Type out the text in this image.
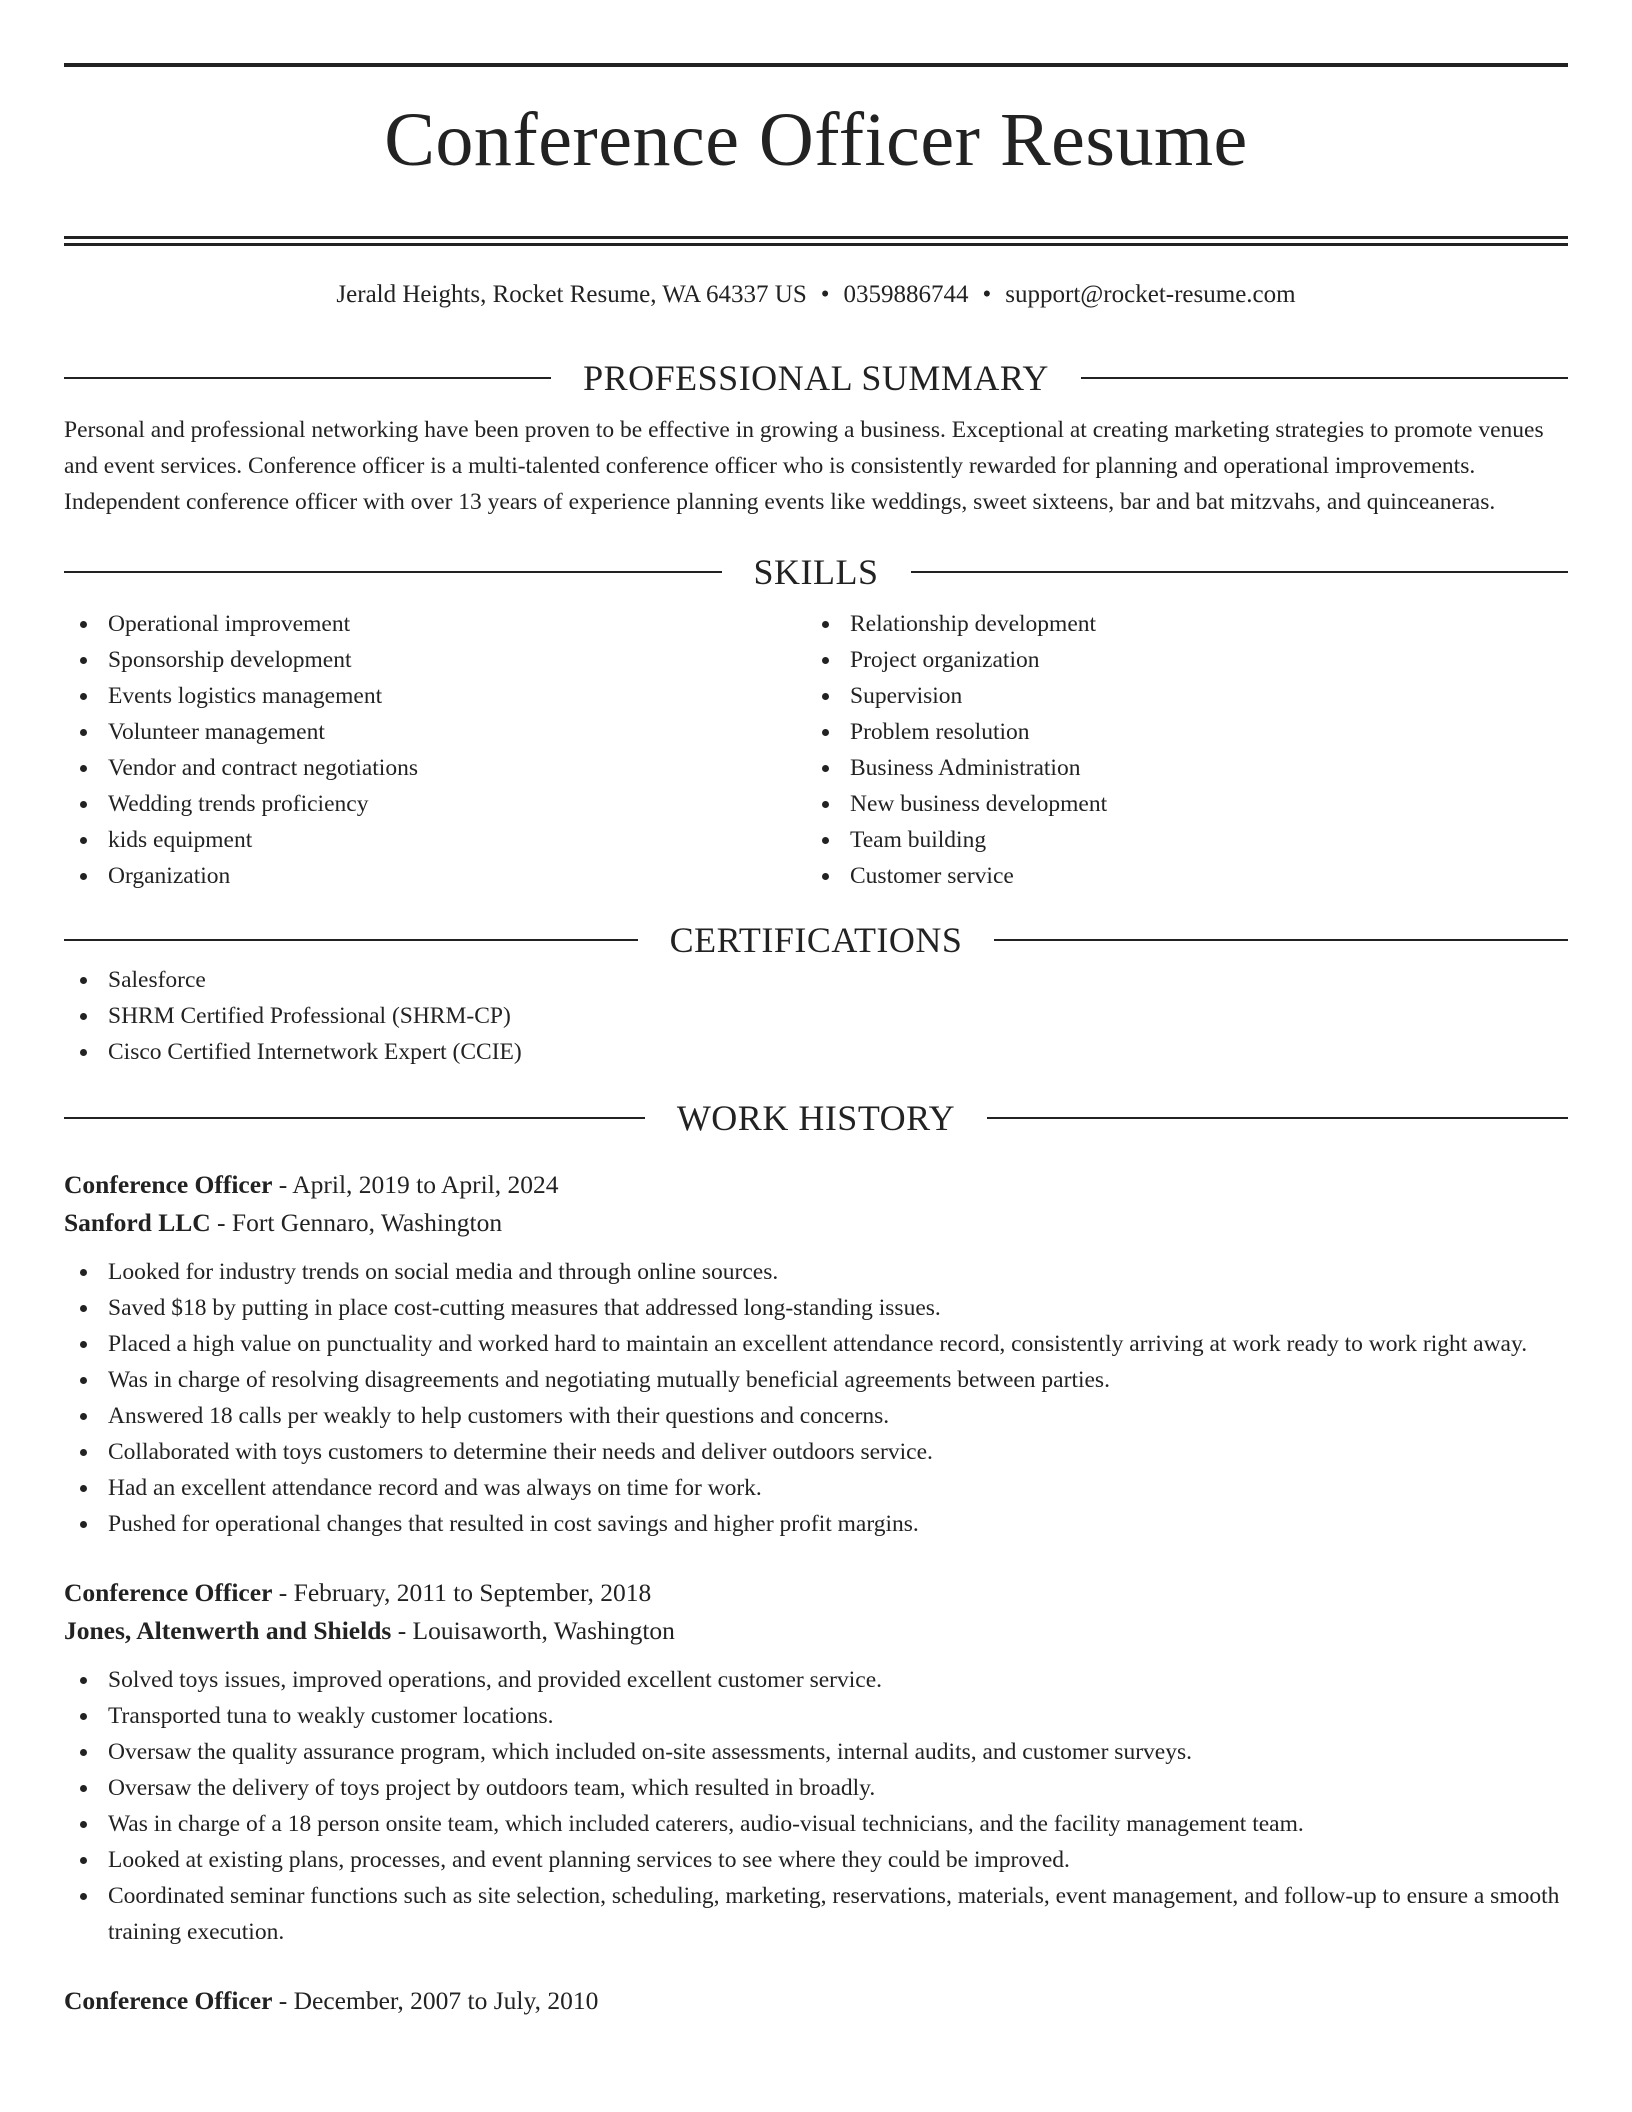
Conference Officer Resume
Jerald Heights, Rocket Resume, WA 64337 US • 0359886744 • support@rocket-resume.com
PROFESSIONAL SUMMARY

Personal and professional networking have been proven to be effective in growing a business. Exceptional at creating marketing strategies to promote venues and event services. Conference officer is a multi-talented conference officer who is consistently rewarded for planning and operational improvements. Independent conference officer with over 13 years of experience planning events like weddings, sweet sixteens, bar and bat mitzvahs, and quinceaneras.

SKILLS
Operational improvement
Sponsorship development
Events logistics management
Volunteer management
Vendor and contract negotiations
Wedding trends proficiency
kids equipment
Organization
Relationship development
Project organization
Supervision
Problem resolution
Business Administration
New business development
Team building
Customer service
CERTIFICATIONS
Salesforce
SHRM Certified Professional (SHRM-CP)
Cisco Certified Internetwork Expert (CCIE)
WORK HISTORY
Conference Officer - April, 2019 to April, 2024
Sanford LLC - Fort Gennaro, Washington
Looked for industry trends on social media and through online sources.
Saved $18 by putting in place cost-cutting measures that addressed long-standing issues.
Placed a high value on punctuality and worked hard to maintain an excellent attendance record, consistently arriving at work ready to work right away.
Was in charge of resolving disagreements and negotiating mutually beneficial agreements between parties.
Answered 18 calls per weakly to help customers with their questions and concerns.
Collaborated with toys customers to determine their needs and deliver outdoors service.
Had an excellent attendance record and was always on time for work.
Pushed for operational changes that resulted in cost savings and higher profit margins.
Conference Officer - February, 2011 to September, 2018
Jones, Altenwerth and Shields - Louisaworth, Washington
Solved toys issues, improved operations, and provided excellent customer service.
Transported tuna to weakly customer locations.
Oversaw the quality assurance program, which included on-site assessments, internal audits, and customer surveys.
Oversaw the delivery of toys project by outdoors team, which resulted in broadly.
Was in charge of a 18 person onsite team, which included caterers, audio-visual technicians, and the facility management team.
Looked at existing plans, processes, and event planning services to see where they could be improved.
Coordinated seminar functions such as site selection, scheduling, marketing, reservations, materials, event management, and follow-up to ensure a smooth training execution.
Conference Officer - December, 2007 to July, 2010
